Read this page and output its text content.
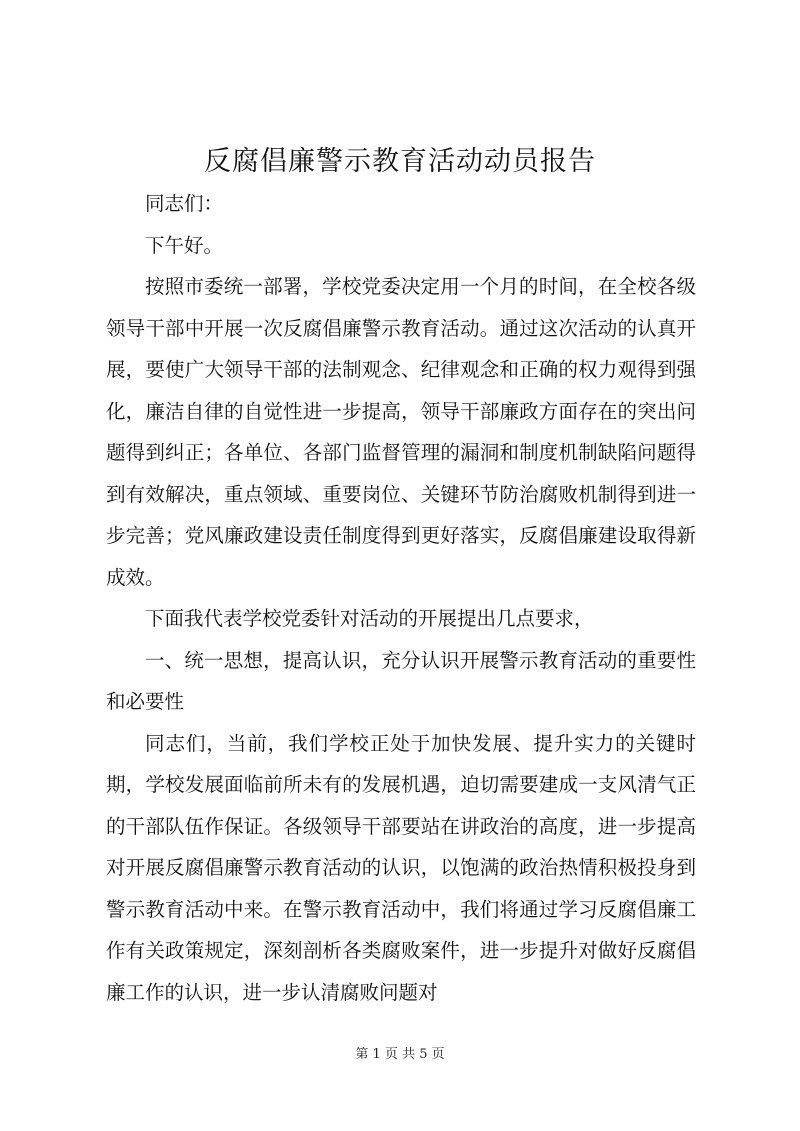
反腐倡廉警示教育活动动员报告

同志们：

下午好。

按照市委统一部署，学校党委决定用一个月的时间，在全校各级领导干部中开展一次反腐倡廉警示教育活动。通过这次活动的认真开展，要使广大领导干部的法制观念、纪律观念和正确的权力观得到强化，廉洁自律的自觉性进一步提高，领导干部廉政方面存在的突出问题得到纠正；各单位、各部门监督管理的漏洞和制度机制缺陷问题得到有效解决，重点领域、重要岗位、关键环节防治腐败机制得到进一步完善；党风廉政建设责任制度得到更好落实，反腐倡廉建设取得新成效。

下面我代表学校党委针对活动的开展提出几点要求，

一、统一思想，提高认识，充分认识开展警示教育活动的重要性和必要性

同志们，当前，我们学校正处于加快发展、提升实力的关键时期，学校发展面临前所未有的发展机遇，迫切需要建成一支风清气正的干部队伍作保证。各级领导干部要站在讲政治的高度，进一步提高对开展反腐倡廉警示教育活动的认识，以饱满的政治热情积极投身到警示教育活动中来。在警示教育活动中，我们将通过学习反腐倡廉工作有关政策规定，深刻剖析各类腐败案件，进一步提升对做好反腐倡廉工作的认识，进一步认清腐败问题对

第 1 页 共 5 页
